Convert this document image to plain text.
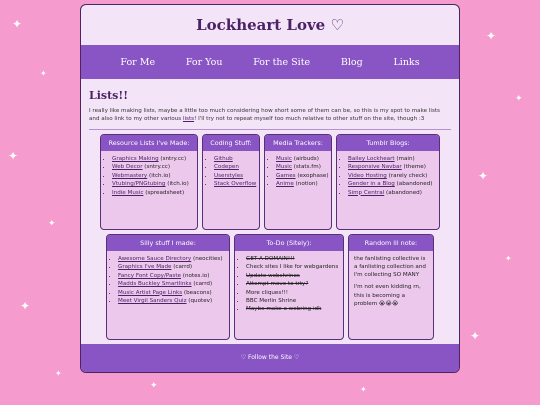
✦
✦
✦
✦
✦
✦
✦
✦
✦
✦
✦
✦	✦
Lockheart Love ♡
For Me	For You	For the Site	Blog	Links
Lists!!

I really like making lists, maybe a little too much considering how short some of them can be, so this is my spot to make lists and also link to my other various lists! I'll try not to repeat myself too much relative to other stuff on the site, though :3

Resource Lists I've Made:
• Graphics Making (sntry.cc)
• Web Decor (sntry.cc)
• Webmastery (itch.io)
• Vtubing/PNGtubing (itch.io)
• Indie Music (spreadsheet)
Coding Stuff:
• Github
• Codepen
• Userstyles
• Stack Overflow
Media Trackers:
• Music (airbuds)
• Music (stats.fm)
• Games (exophase)
• Anime (notion)
Tumblr Blogs:
• Bailey Lockheart (main)
• Responsive Navbar (theme)
• Video Hosting (rarely check)
• Gender in a Blog (abandoned)
• Simp Central (abandoned)
Silly stuff I made:
• Awesome Sauce Directory (neocities)
• Graphics I've Made (carrd)
• Fancy Font Copy/Paste (notes.io)
• Madds Buckley Smartlinks (carrd)
• Music Artist Page Links (beacons)
• Meet Virgil Sanders Quiz (quotev)
To-Do (Sitely):
• GET A DOMAIN!!!
• Check sites I like for webgardens
• Update webshrines
• Attempt move to trty?
• More cliques!!!
• BBC Merlin Shrine
• Maybe make a webring idk
Random lil note:

the fanlisting collective is a fanlisting collection and I'm collecting SO MANY

I'm not even kidding rn, this is becoming a problem 😭😭😭

♡ Follow the Site ♡
